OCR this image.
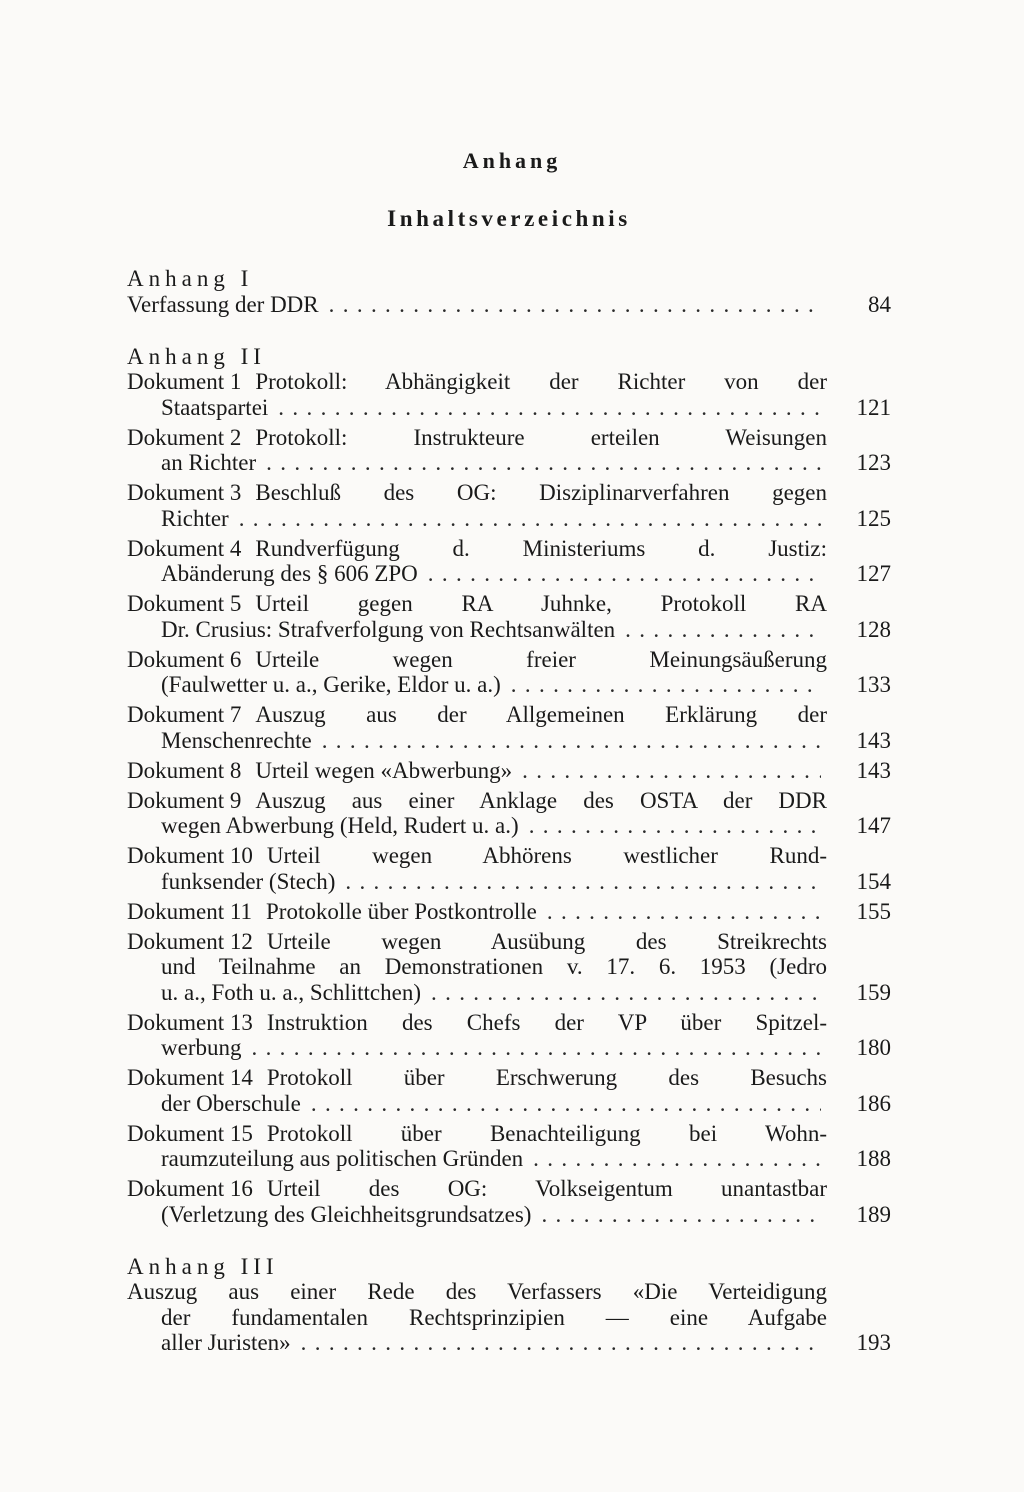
Anhang
Inhaltsverzeichnis
Anhang I
Verfassung der DDR . . .	84
Anhang II
Dokument 1 Protokoll: Abhängigkeit der Richter von der
Staatspartei . . .	121
Dokument 2 Protokoll: Instrukteure erteilen Weisungen
an Richter . . .	123
Dokument 3 Beschluß des OG: Disziplinarverfahren gegen
Richter . . .	125
Dokument 4 Rundverfügung d. Ministeriums d. Justiz:
Abänderung des § 606 ZPO . . .	127
Dokument 5 Urteil gegen RA Juhnke, Protokoll RA
Dr. Crusius: Strafverfolgung von Rechtsanwälten . . .	128
Dokument 6 Urteile wegen freier Meinungsäußerung
(Faulwetter u. a., Gerike, Eldor u. a.) . . .	133
Dokument 7 Auszug aus der Allgemeinen Erklärung der
Menschenrechte . . .	143
Dokument 8 Urteil wegen «Abwerbung» . . .	143
Dokument 9 Auszug aus einer Anklage des OSTA der DDR
wegen Abwerbung (Held, Rudert u. a.) . . .	147
Dokument 10 Urteil wegen Abhörens westlicher Rund-
funksender (Stech) . . .	154
Dokument 11 Protokolle über Postkontrolle . . .	155
Dokument 12 Urteile wegen Ausübung des Streikrechts
und Teilnahme an Demonstrationen v. 17. 6. 1953 (Jedro
u. a., Foth u. a., Schlittchen) . . .	159
Dokument 13 Instruktion des Chefs der VP über Spitzel-
werbung . . .	180
Dokument 14 Protokoll über Erschwerung des Besuchs
der Oberschule . . .	186
Dokument 15 Protokoll über Benachteiligung bei Wohn-
raumzuteilung aus politischen Gründen . . .	188
Dokument 16 Urteil des OG: Volkseigentum unantastbar
(Verletzung des Gleichheitsgrundsatzes) . . .	189
Anhang III
Auszug aus einer Rede des Verfassers «Die Verteidigung
der fundamentalen Rechtsprinzipien — eine Aufgabe
aller Juristen» . . .	193
